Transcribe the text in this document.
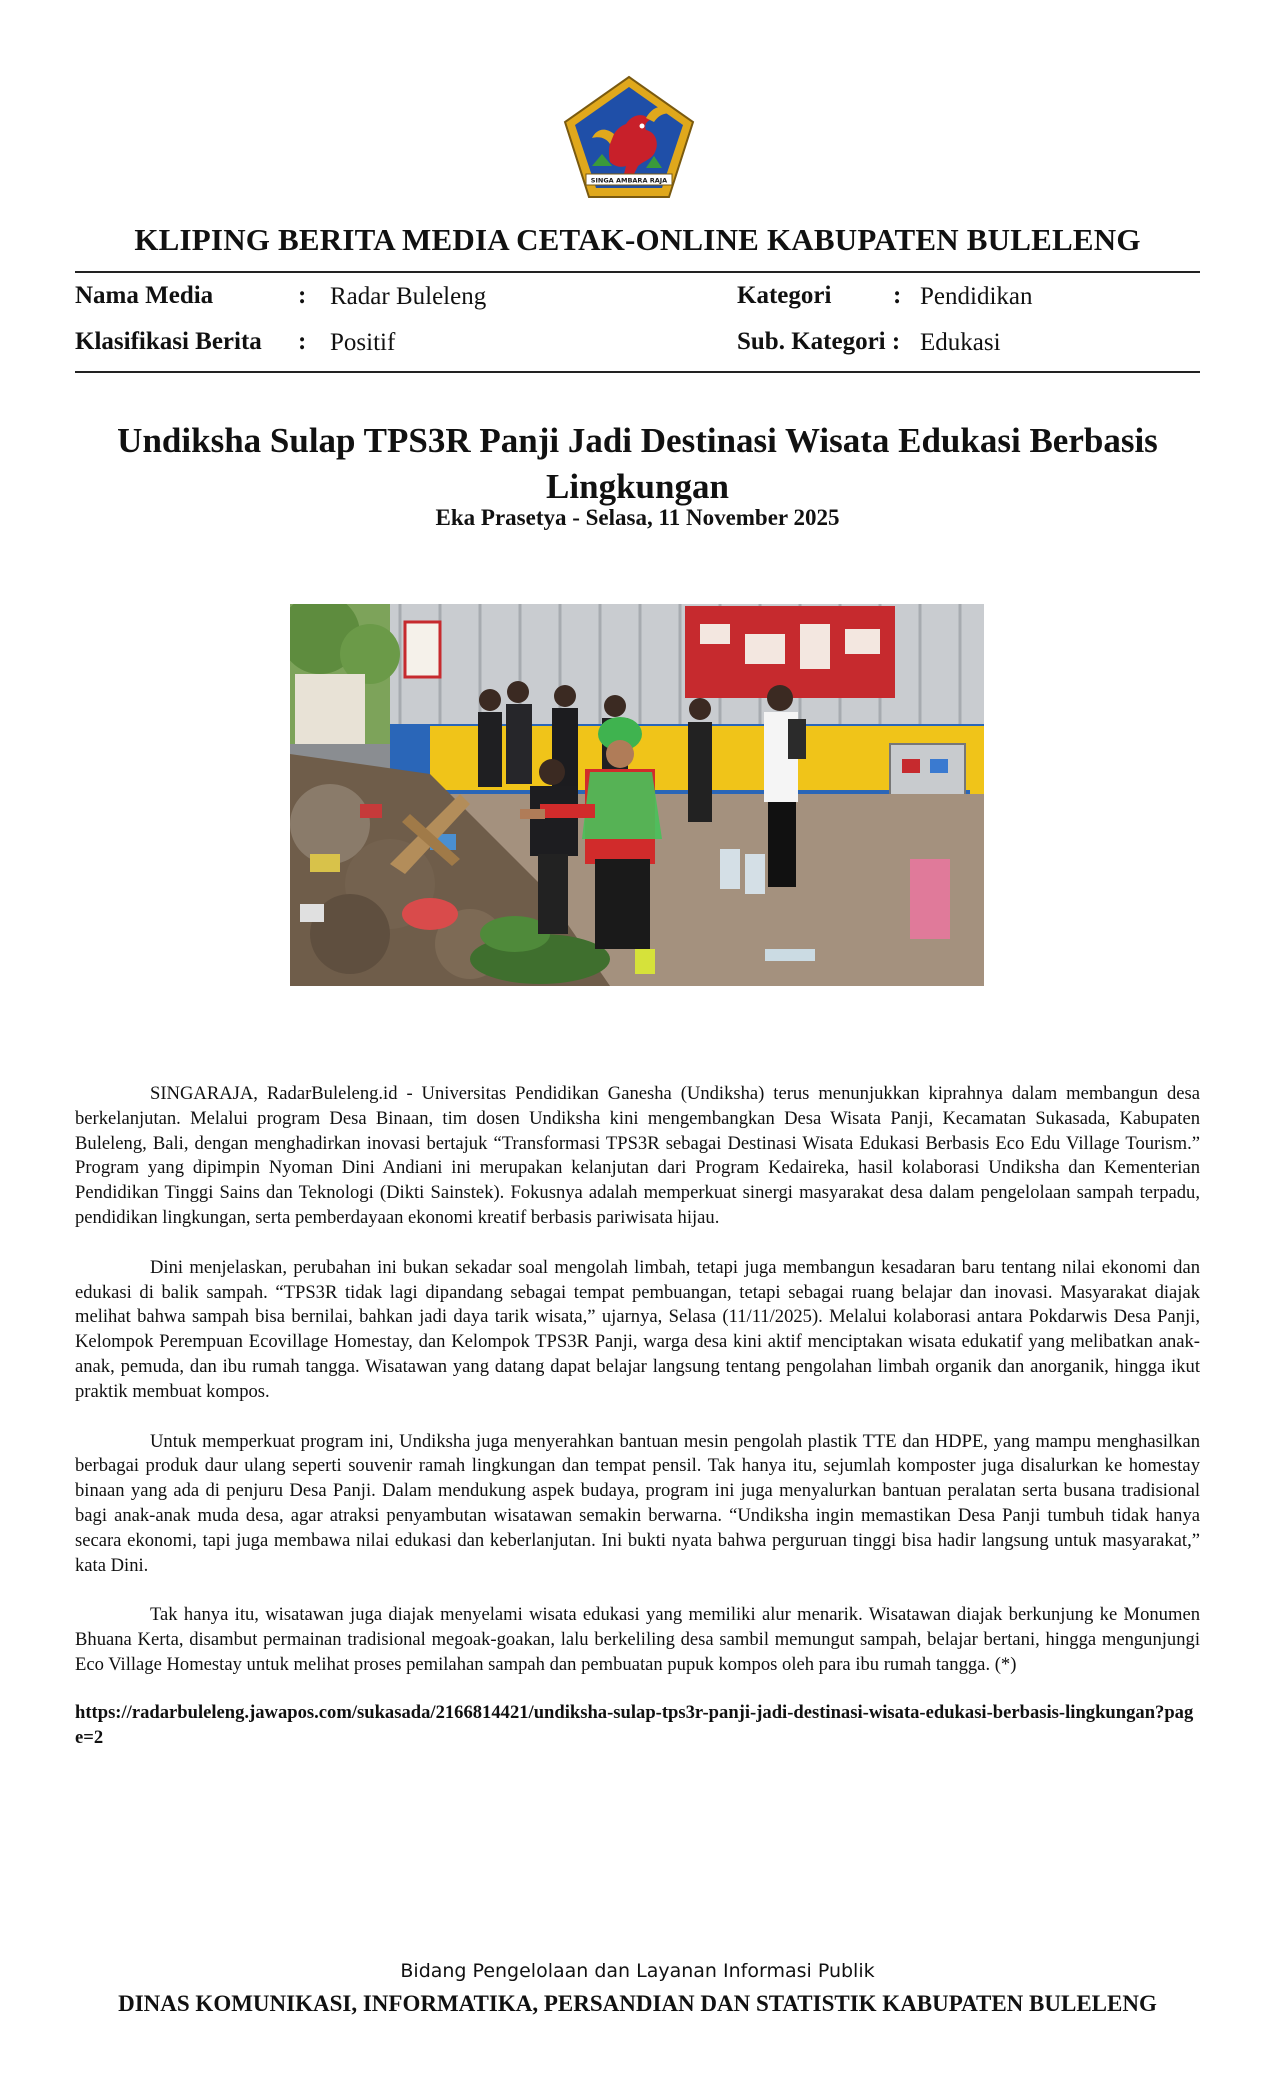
SINGA AMBARA RAJA
KLIPING BERITA MEDIA CETAK-ONLINE KABUPATEN BULELENG
Nama Media	: Radar Buleleng
Klasifikasi Berita : Positif
Kategori : Pendidikan
Sub. Kategori : Edukasi
Undiksha Sulap TPS3R Panji Jadi Destinasi Wisata Edukasi Berbasis Lingkungan
Eka Prasetya - Selasa, 11 November 2025

SINGARAJA, RadarBuleleng.id - Universitas Pendidikan Ganesha (Undiksha) terus menunjukkan kiprahnya dalam membangun desa berkelanjutan. Melalui program Desa Binaan, tim dosen Undiksha kini mengembangkan Desa Wisata Panji, Kecamatan Sukasada, Kabupaten Buleleng, Bali, dengan menghadirkan inovasi bertajuk “Transformasi TPS3R sebagai Destinasi Wisata Edukasi Berbasis Eco Edu Village Tourism.” Program yang dipimpin Nyoman Dini Andiani ini merupakan kelanjutan dari Program Kedaireka, hasil kolaborasi Undiksha dan Kementerian Pendidikan Tinggi Sains dan Teknologi (Dikti Sainstek). Fokusnya adalah memperkuat sinergi masyarakat desa dalam pengelolaan sampah terpadu, pendidikan lingkungan, serta pemberdayaan ekonomi kreatif berbasis pariwisata hijau.

Dini menjelaskan, perubahan ini bukan sekadar soal mengolah limbah, tetapi juga membangun kesadaran baru tentang nilai ekonomi dan edukasi di balik sampah. “TPS3R tidak lagi dipandang sebagai tempat pembuangan, tetapi sebagai ruang belajar dan inovasi. Masyarakat diajak melihat bahwa sampah bisa bernilai, bahkan jadi daya tarik wisata,” ujarnya, Selasa (11/11/2025). Melalui kolaborasi antara Pokdarwis Desa Panji, Kelompok Perempuan Ecovillage Homestay, dan Kelompok TPS3R Panji, warga desa kini aktif menciptakan wisata edukatif yang melibatkan anak-anak, pemuda, dan ibu rumah tangga. Wisatawan yang datang dapat belajar langsung tentang pengolahan limbah organik dan anorganik, hingga ikut praktik membuat kompos.

Untuk memperkuat program ini, Undiksha juga menyerahkan bantuan mesin pengolah plastik TTE dan HDPE, yang mampu menghasilkan berbagai produk daur ulang seperti souvenir ramah lingkungan dan tempat pensil. Tak hanya itu, sejumlah komposter juga disalurkan ke homestay binaan yang ada di penjuru Desa Panji. Dalam mendukung aspek budaya, program ini juga menyalurkan bantuan peralatan serta busana tradisional bagi anak-anak muda desa, agar atraksi penyambutan wisatawan semakin berwarna. “Undiksha ingin memastikan Desa Panji tumbuh tidak hanya secara ekonomi, tapi juga membawa nilai edukasi dan keberlanjutan. Ini bukti nyata bahwa perguruan tinggi bisa hadir langsung untuk masyarakat,” kata Dini.

Tak hanya itu, wisatawan juga diajak menyelami wisata edukasi yang memiliki alur menarik. Wisatawan diajak berkunjung ke Monumen Bhuana Kerta, disambut permainan tradisional megoak-goakan, lalu berkeliling desa sambil memungut sampah, belajar bertani, hingga mengunjungi Eco Village Homestay untuk melihat proses pemilahan sampah dan pembuatan pupuk kompos oleh para ibu rumah tangga. (*)

https://radarbuleleng.jawapos.com/sukasada/2166814421/undiksha-sulap-tps3r-panji-jadi-destinasi-wisata-edukasi-berbasis-lingkungan?page=2
Bidang Pengelolaan dan Layanan Informasi Publik
DINAS KOMUNIKASI, INFORMATIKA, PERSANDIAN DAN STATISTIK KABUPATEN BULELENG
